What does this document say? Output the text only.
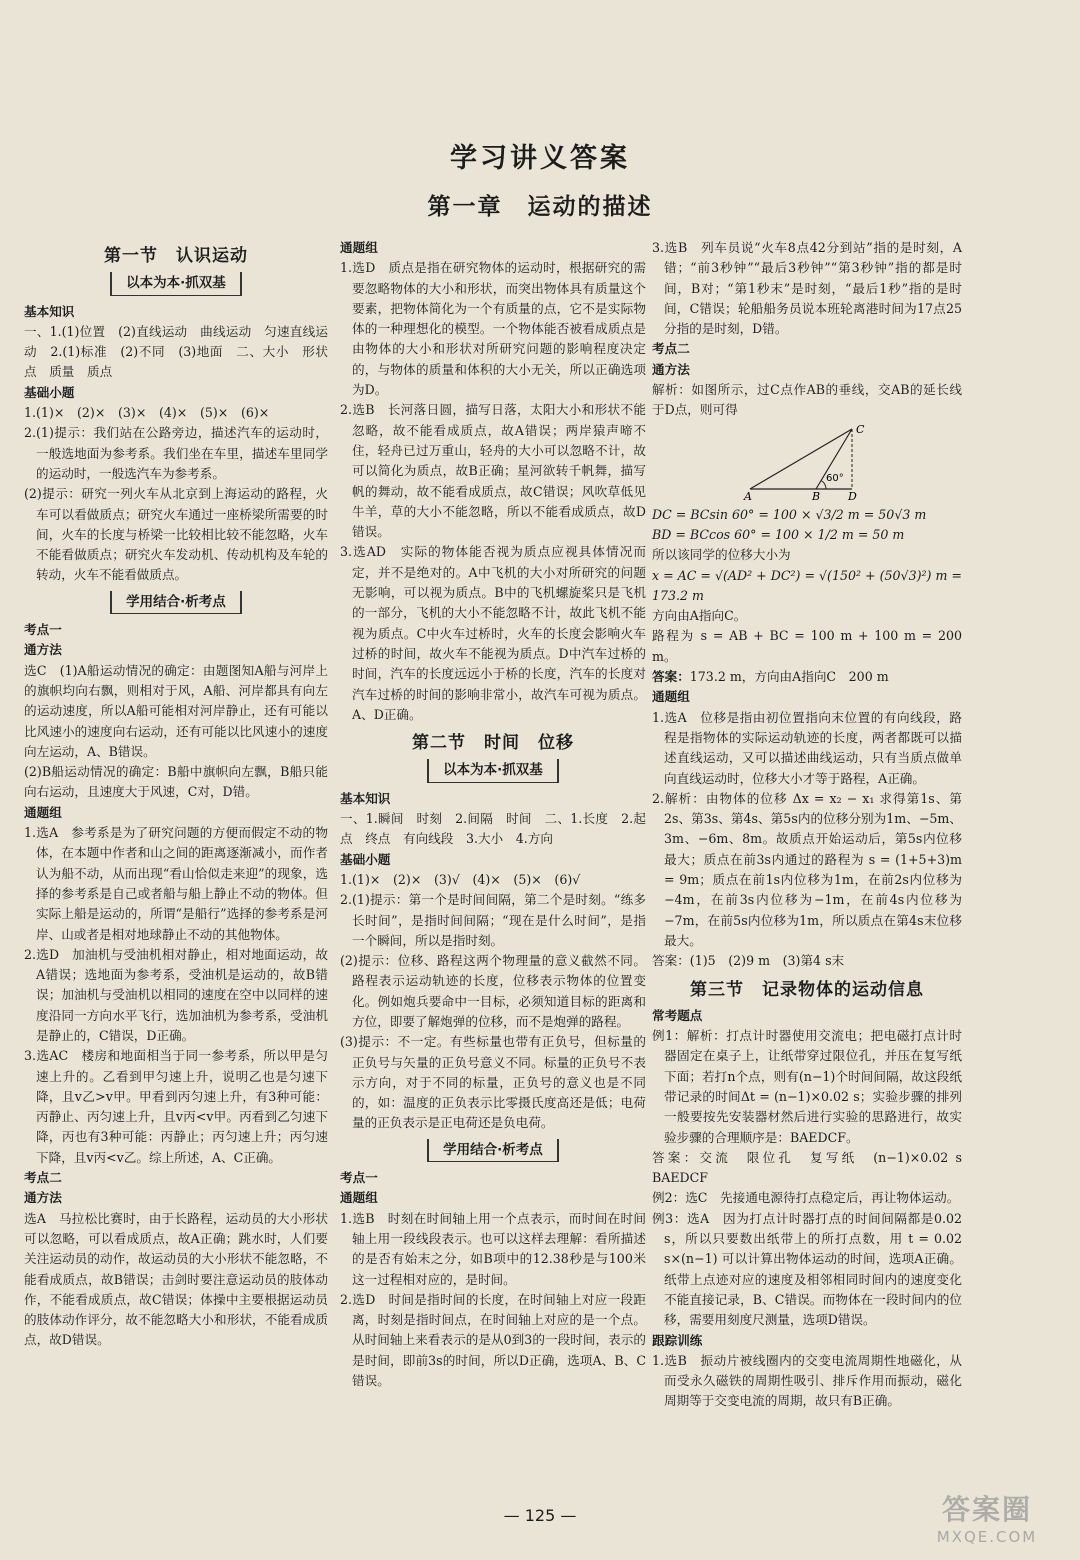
学习讲义答案
第一章　运动的描述
第一节　认识运动
以本为本·抓双基

基本知识

一、1.(1)位置　(2)直线运动　曲线运动　匀速直线运动　2.(1)标准　(2)不同　(3)地面　二、大小　形状　点　质量　质点

基础小题

1.(1)×　(2)×　(3)×　(4)×　(5)×　(6)×

2.(1)提示：我们站在公路旁边，描述汽车的运动时，一般选地面为参考系。我们坐在车里，描述车里同学的运动时，一般选汽车为参考系。

(2)提示：研究一列火车从北京到上海运动的路程，火车可以看做质点；研究火车通过一座桥梁所需要的时间，火车的长度与桥梁一比较相比较不能忽略，火车不能看做质点；研究火车发动机、传动机构及车轮的转动，火车不能看做质点。

学用结合·析考点

考点一

通方法

选C　(1)A船运动情况的确定：由题图知A船与河岸上的旗帜均向右飘，则相对于风，A船、河岸都具有向左的运动速度，所以A船可能相对河岸静止，还有可能以比风速小的速度向右运动，还有可能以比风速小的速度向左运动，A、B错误。

(2)B船运动情况的确定：B船中旗帜向左飘，B船只能向右运动，且速度大于风速，C对，D错。

通题组

1.选A　参考系是为了研究问题的方便而假定不动的物体，在本题中作者和山之间的距离逐渐减小，而作者认为船不动，从而出现“看山恰似走来迎”的现象，选择的参考系是自己或者船与船上静止不动的物体。但实际上船是运动的，所谓“是船行”选择的参考系是河岸、山或者是相对地球静止不动的其他物体。

2.选D　加油机与受油机相对静止，相对地面运动，故A错误；选地面为参考系，受油机是运动的，故B错误；加油机与受油机以相同的速度在空中以同样的速度沿同一方向水平飞行，选加油机为参考系，受油机是静止的，C错误，D正确。

3.选AC　楼房和地面相当于同一参考系，所以甲是匀速上升的。乙看到甲匀速上升，说明乙也是匀速下降，且v乙>v甲。甲看到丙匀速上升，有3种可能：丙静止、丙匀速上升，且v丙<v甲。丙看到乙匀速下降，丙也有3种可能：丙静止；丙匀速上升；丙匀速下降，且v丙<v乙。综上所述，A、C正确。

考点二

通方法

选A　马拉松比赛时，由于长路程，运动员的大小形状可以忽略，可以看成质点，故A正确；跳水时，人们要关注运动员的动作，故运动员的大小形状不能忽略，不能看成质点，故B错误；击剑时要注意运动员的肢体动作，不能看成质点，故C错误；体操中主要根据运动员的肢体动作评分，故不能忽略大小和形状，不能看成质点，故D错误。

通题组

1.选D　质点是指在研究物体的运动时，根据研究的需要忽略物体的大小和形状，而突出物体具有质量这个要素，把物体简化为一个有质量的点，它不是实际物体的一种理想化的模型。一个物体能否被看成质点是由物体的大小和形状对所研究问题的影响程度决定的，与物体的质量和体积的大小无关，所以正确选项为D。

2.选B　长河落日圆，描写日落，太阳大小和形状不能忽略，故不能看成质点，故A错误；两岸猿声啼不住，轻舟已过万重山，轻舟的大小可以忽略不计，故可以简化为质点，故B正确；星河欲转千帆舞，描写帆的舞动，故不能看成质点，故C错误；风吹草低见牛羊，草的大小不能忽略，所以不能看成质点，故D错误。

3.选AD　实际的物体能否视为质点应视具体情况而定，并不是绝对的。A中飞机的大小对所研究的问题无影响，可以视为质点。B中的飞机螺旋桨只是飞机的一部分，飞机的大小不能忽略不计，故此飞机不能视为质点。C中火车过桥时，火车的长度会影响火车过桥的时间，故火车不能视为质点。D中汽车过桥的时间，汽车的长度远远小于桥的长度，汽车的长度对汽车过桥的时间的影响非常小，故汽车可视为质点。A、D正确。

第二节　时间　位移
以本为本·抓双基

基本知识

一、1.瞬间　时刻　2.间隔　时间　二、1.长度　2.起点　终点　有向线段　3.大小　4.方向

基础小题

1.(1)×　(2)×　(3)√　(4)×　(5)×　(6)√

2.(1)提示：第一个是时间间隔，第二个是时刻。“练多长时间”，是指时间间隔；“现在是什么时间”，是指一个瞬间，所以是指时刻。

(2)提示：位移、路程这两个物理量的意义截然不同。路程表示运动轨迹的长度，位移表示物体的位置变化。例如炮兵要命中一目标，必须知道目标的距离和方位，即要了解炮弹的位移，而不是炮弹的路程。

(3)提示：不一定。有些标量也带有正负号，但标量的正负号与矢量的正负号意义不同。标量的正负号不表示方向，对于不同的标量，正负号的意义也是不同的，如：温度的正负表示比零摄氏度高还是低；电荷量的正负表示是正电荷还是负电荷。

学用结合·析考点

考点一

通题组

1.选B　时刻在时间轴上用一个点表示，而时间在时间轴上用一段线段表示。也可以这样去理解：看所描述的是否有始末之分，如B项中的12.38秒是与100米这一过程相对应的，是时间。

2.选D　时间是指时间的长度，在时间轴上对应一段距离，时刻是指时间点，在时间轴上对应的是一个点。从时间轴上来看表示的是从0到3的一段时间，表示的是时间，即前3s的时间，所以D正确，选项A、B、C错误。

3.选B　列车员说“火车8点42分到站”指的是时刻，A错；“前3秒钟”“最后3秒钟”“第3秒钟”指的都是时间，B对；“第1秒末”是时刻，“最后1秒”指的是时间，C错误；轮船船务员说本班轮离港时间为17点25分指的是时刻，D错。

考点二

通方法

解析：如图所示，过C点作AB的垂线，交AB的延长线于D点，则可得

60°
A	B
C
D

DC = BCsin 60° = 100 × √3/2 m = 50√3 m

BD = BCcos 60° = 100 × 1/2 m = 50 m

所以该同学的位移大小为

x = AC = √(AD² + DC²) = √(150² + (50√3)²) m = 173.2 m

方向由A指向C。

路程为 s = AB + BC = 100 m + 100 m = 200 m。

答案：173.2 m，方向由A指向C　200 m

通题组

1.选A　位移是指由初位置指向末位置的有向线段，路程是指物体的实际运动轨迹的长度，两者都既可以描述直线运动，又可以描述曲线运动，只有当质点做单向直线运动时，位移大小才等于路程，A正确。

2.解析：由物体的位移 Δx = x₂ − x₁ 求得第1s、第2s、第3s、第4s、第5s内的位移分别为1m、−5m、3m、−6m、8m。故质点开始运动后，第5s内位移最大；质点在前3s内通过的路程为 s = (1+5+3)m = 9m；质点在前1s内位移为1m，在前2s内位移为−4m，在前3s内位移为−1m，在前4s内位移为−7m，在前5s内位移为1m，所以质点在第4s末位移最大。

答案：(1)5　(2)9 m　(3)第4 s末

第三节　记录物体的运动信息

常考题点

例1：解析：打点计时器使用交流电；把电磁打点计时器固定在桌子上，让纸带穿过限位孔，并压在复写纸下面；若打n个点，则有(n−1)个时间间隔，故这段纸带记录的时间Δt = (n−1)×0.02 s；实验步骤的排列一般要按先安装器材然后进行实验的思路进行，故实验步骤的合理顺序是：BAEDCF。

答案：交流　限位孔　复写纸　(n−1)×0.02 s　BAEDCF

例2：选C　先接通电源待打点稳定后，再让物体运动。

例3：选A　因为打点计时器打点的时间间隔都是0.02 s，所以只要数出纸带上的所打点数，用 t = 0.02 s×(n−1) 可以计算出物体运动的时间，选项A正确。纸带上点迹对应的速度及相邻相同时间内的速度变化不能直接记录，B、C错误。而物体在一段时间内的位移，需要用刻度尺测量，选项D错误。

跟踪训练

1.选B　振动片被线圈内的交变电流周期性地磁化，从而受永久磁铁的周期性吸引、排斥作用而振动，磁化周期等于交变电流的周期，故只有B正确。

— 125 —	答案圈
MXQE.COM
